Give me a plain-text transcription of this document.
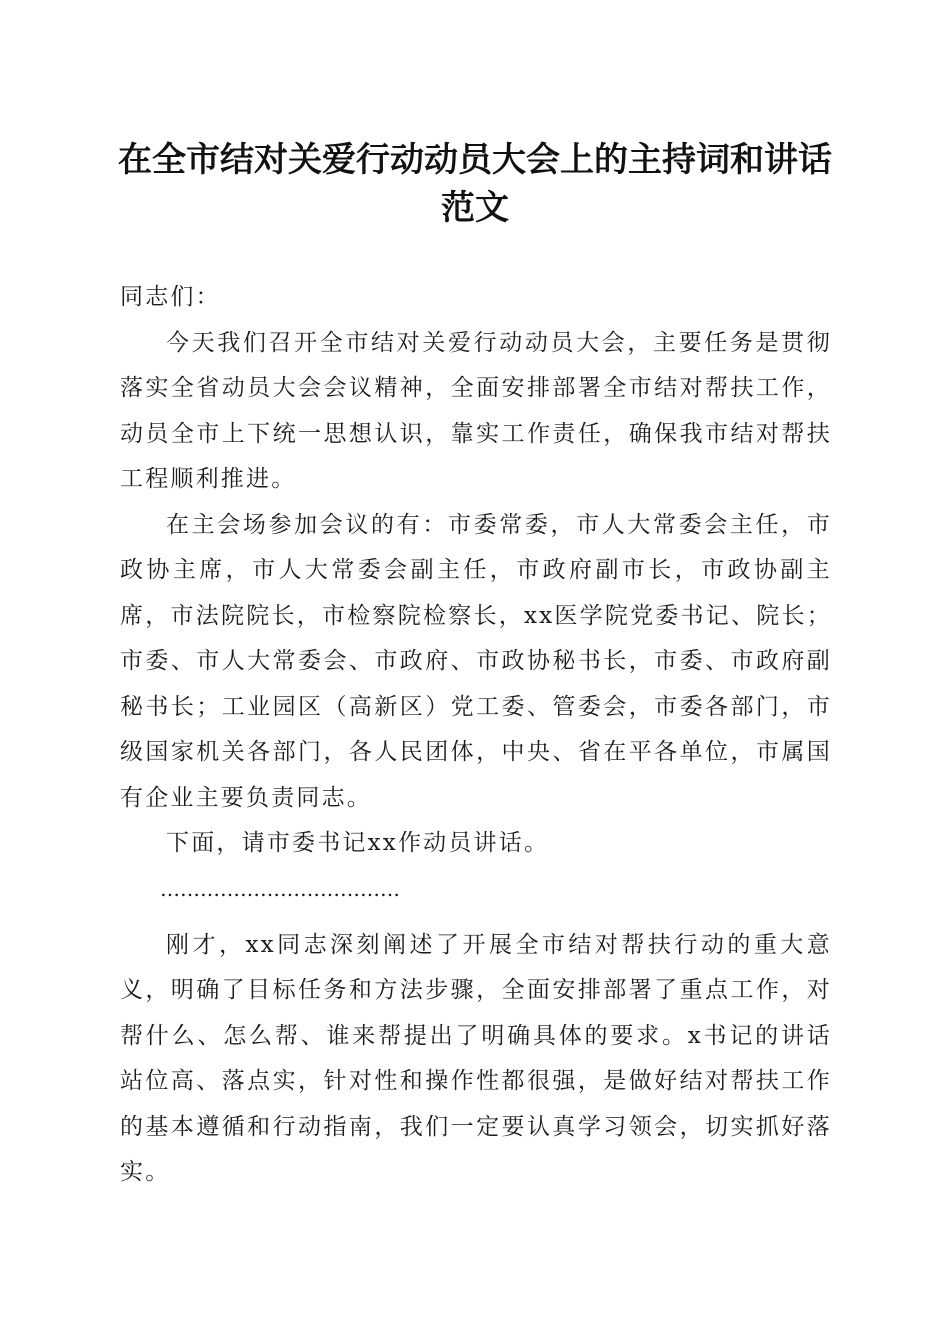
在全市结对关爱行动动员大会上的主持词和讲话范文

同志们：

今天我们召开全市结对关爱行动动员大会，主要任务是贯彻落实全省动员大会会议精神，全面安排部署全市结对帮扶工作，动员全市上下统一思想认识，靠实工作责任，确保我市结对帮扶工程顺利推进。

在主会场参加会议的有：市委常委，市人大常委会主任，市政协主席，市人大常委会副主任，市政府副市长，市政协副主席，市法院院长，市检察院检察长，xx医学院党委书记、院长；市委、市人大常委会、市政府、市政协秘书长，市委、市政府副秘书长；工业园区（高新区）党工委、管委会，市委各部门，市级国家机关各部门，各人民团体，中央、省在平各单位，市属国有企业主要负责同志。

下面，请市委书记xx作动员讲话。

………………………………

刚才，xx同志深刻阐述了开展全市结对帮扶行动的重大意义，明确了目标任务和方法步骤，全面安排部署了重点工作，对帮什么、怎么帮、谁来帮提出了明确具体的要求。x书记的讲话站位高、落点实，针对性和操作性都很强，是做好结对帮扶工作的基本遵循和行动指南，我们一定要认真学习领会，切实抓好落实。
